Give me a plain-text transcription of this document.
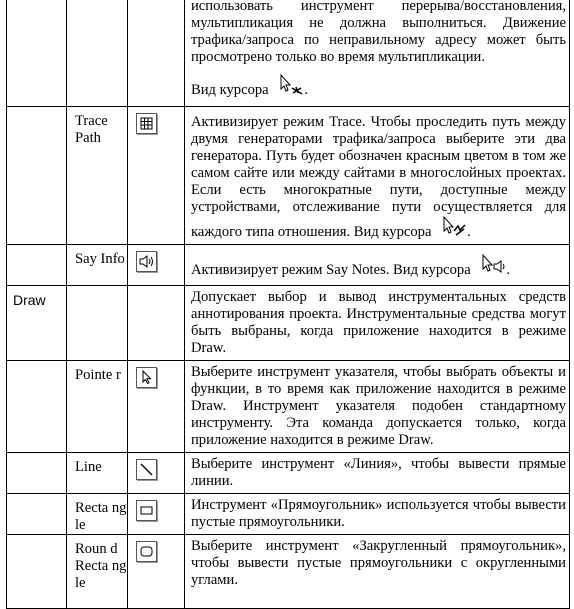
			использовать инструмент перерыва/восстановления, мультипликация не должна выполниться. Движение трафика/запроса по неправильному адресу может быть просмотрено только во время мультипликации.

Вид курсора .

	Trace Path		Активизирует режим Trace. Чтобы проследить путь между двумя генераторами трафика/запроса выберите эти два генератора. Путь будет обозначен красным цветом в том же самом сайте или между сайтами в многослойных проектах. Если есть многократные пути, доступные между устройствами, отслеживание пути осуществляется для каждого типа отношения. Вид курсора .

	Say Info		Активизирует режим Say Notes. Вид курсора .

Draw			Допускает выбор и вывод инструментальных средств аннотирования проекта. Инструментальные средства могут быть выбраны, когда приложение находится в режиме Draw.

	Pointe r		Выберите инструмент указателя, чтобы выбрать объекты и функции, в то время как приложение находится в режиме Draw. Инструмент указателя подобен стандартному инструменту. Эта команда допускается только, когда приложение находится в режиме Draw.

	Line		Выберите инструмент «Линия», чтобы вывести прямые линии.

	Recta ngle		Инструмент «Прямоугольник» используется чтобы вывести пустые прямоугольники.

	Roun d Recta ngle		Выберите инструмент «Закругленный прямоугольник», чтобы вывести пустые прямоугольники с округленными углами.
